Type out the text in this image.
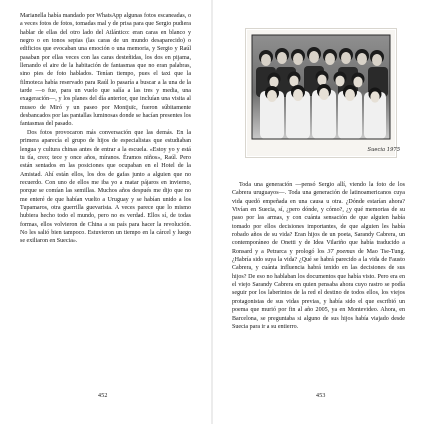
Marianella había mandado por WhatsApp algunas fotos escaneadas, o a veces fotos de fotos, tomadas mal y de prisa para que Sergio pudiera hablar de ellas del otro lado del Atlántico: eran caras en blanco y negro o en tonos sepias (las caras de un mundo desaparecido) o edificios que evocaban una emoción o una memoria, y Sergio y Raúl pasaban por ellas veces con las caras desteñidas, los dos en pijama, llenando el aire de la habitación de fantasmas que no eran palabras, sino pies de foto hablados. Tenían tiempo, pues el taxi que la filmoteca había reservado para Raúl lo pasaría a buscar a la una de la tarde —o fue, para un vuelo que salía a las tres y media, una exageración—, y los planes del día anterior, que incluían una visita al museo de Miró y un paseo por Montjuïc, fueron súbitamente desbancados por las pantallas luminosas donde se hacían presentes los fantasmas del pasado.

Dos fotos provocaron más conversación que las demás. En la primera aparecía el grupo de hijos de especialistas que estudiaban lengua y cultura chinas antes de entrar a la escuela. «Estoy yo y está tu tía, creo; tece y once años, míranos. Éramos niños», Raúl. Pero están sentados en las posiciones que ocupaban en el Hotel de la Amistad. Ahí están ellos, los dos de gafas junto a alguien que no recuerdo. Con uno de ellos me iba yo a matar pájaros en invierno, porque se comían las semillas. Muchos años después me dijo que no me enteré de que habían vuelto a Uruguay y se habían unido a los Tupamaros, otra guerrilla guevarista. A veces parece que lo mismo hubiera hecho todo el mundo, pero no es verdad. Ellos sí, de todas formas, ellos volvieron de China a su país para hacer la revolución. No les salió bien tampoco. Estuvieron un tiempo en la cárcel y luego se exiliaron en Suecia».

452
Suecia 1975

Toda una generación —pensó Sergio allí, viendo la foto de los Cabrera uruguayos—. Toda una generación de latinoamericanos cuya vida quedó empeñada en una causa u otra. ¿Dónde estarían ahora? Vivían en Suecia, sí, ¿pero dónde, y cómo?, ¿y qué memorias de su paso por las armas, y con cuánta sensación de que alguien había tomado por ellos decisiones importantes, de que alguien les había robado años de su vida? Eran hijos de un poeta, Sarandy Cabrera, un contemporáneo de Onetti y de Idea Vilariño que había traducido a Ronsard y a Petrarca y prologó los 37 poemas de Mao Tse-Tung. ¿Habría sido suya la vida? ¿Qué se habrá parecido a la vida de Fausto Cabrera, y cuánta influencia habrá tenido en las decisiones de sus hijos? De eso no hablaban los documentos que había visto. Pero era en el viejo Sarandy Cabrera en quien pensaba ahora cuyo rastro se podía seguir por los laberintos de la red el destino de todos ellos, los viejos protagonistas de sus vidas previas, y había sido el que escribió un poema que murió por fin al año 2005, ya en Montevideo. Ahora, en Barcelona, se preguntaba si alguno de sus hijos había viajado desde Suecia para ir a su entierro.

453
